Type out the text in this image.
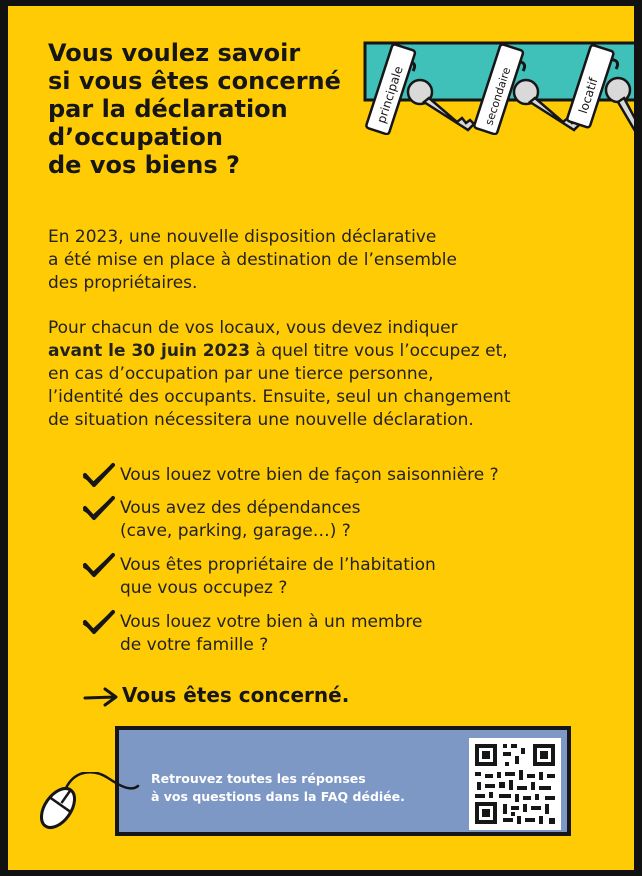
Vous voulez savoir
si vous êtes concerné
par la déclaration
d’occupation
de vos biens ?
principale	secondaire	locatif

En 2023, une nouvelle disposition déclarative
a été mise en place à destination de l’ensemble
des propriétaires.

Pour chacun de vos locaux, vous devez indiquer
avant le 30 juin 2023 à quel titre vous l’occupez et,
en cas d’occupation par une tierce personne,
l’identité des occupants. Ensuite, seul un changement
de situation nécessitera une nouvelle déclaration.

Vous louez votre bien de façon saisonnière ?
Vous avez des dépendances
(cave, parking, garage…) ?
Vous êtes propriétaire de l’habitation
que vous occupez ?
Vous louez votre bien à un membre
de votre famille ?
Vous êtes concerné.
Retrouvez toutes les réponses
à vos questions dans la FAQ dédiée.
